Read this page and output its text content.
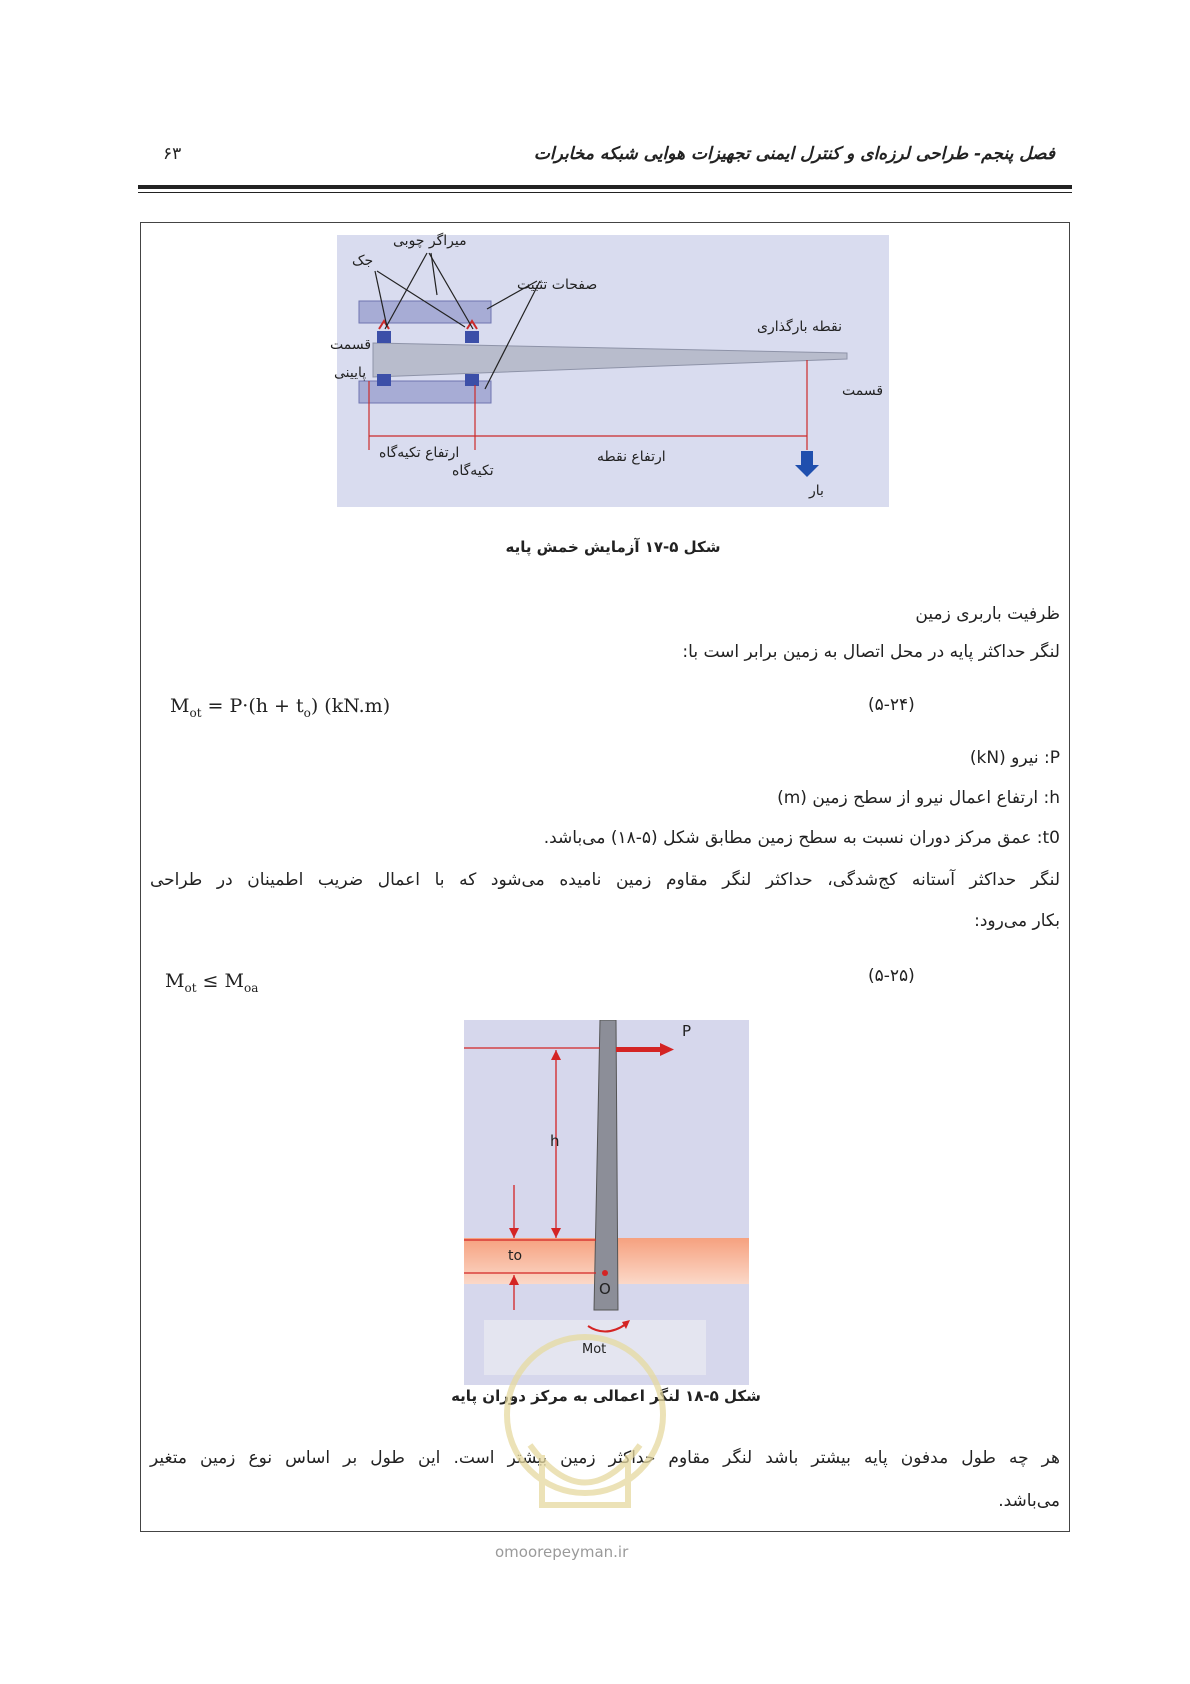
فصل پنجم- طراحی لرزه‌ای و کنترل ایمنی تجهیزات هوایی شبکه مخابرات
۶۳
میراگر چوبی
جک
صفحات تثبیت
نقطه بارگذاری
قسمت
پایینی
قسمت
ارتفاع تکیه‌گاه
تکیه‌گاه
ارتفاع نقطه
بار
شکل ۵-۱۷ آزمایش خمش پایه
ظرفیت باربری زمین
لنگر حداکثر پایه در محل اتصال به زمین برابر است با:
$M_{ot} = P\cdot(h + t_o)$ (kN.m)	(۵-۲۴)
P: نیرو (kN)
h: ارتفاع اعمال نیرو از سطح زمین (m)
t0: عمق مرکز دوران نسبت به سطح زمین مطابق شکل (۵-۱۸) می‌باشد.
لنگر حداکثر آستانه کج‌شدگی، حداکثر لنگر مقاوم زمین نامیده می‌شود که با اعمال ضریب اطمینان در طراحی
بکار می‌رود:
$M_{ot} \le M_{oa}$
(۵-۲۵)
P
h
to
O
Mot
شکل ۵-۱۸ لنگر اعمالی به مرکز دوران پایه
هر چه طول مدفون پایه بیشتر باشد لنگر مقاوم حداکثر زمین بیشتر است. این طول بر اساس نوع زمین متغیر
می‌باشد.
omoorepeyman.ir
